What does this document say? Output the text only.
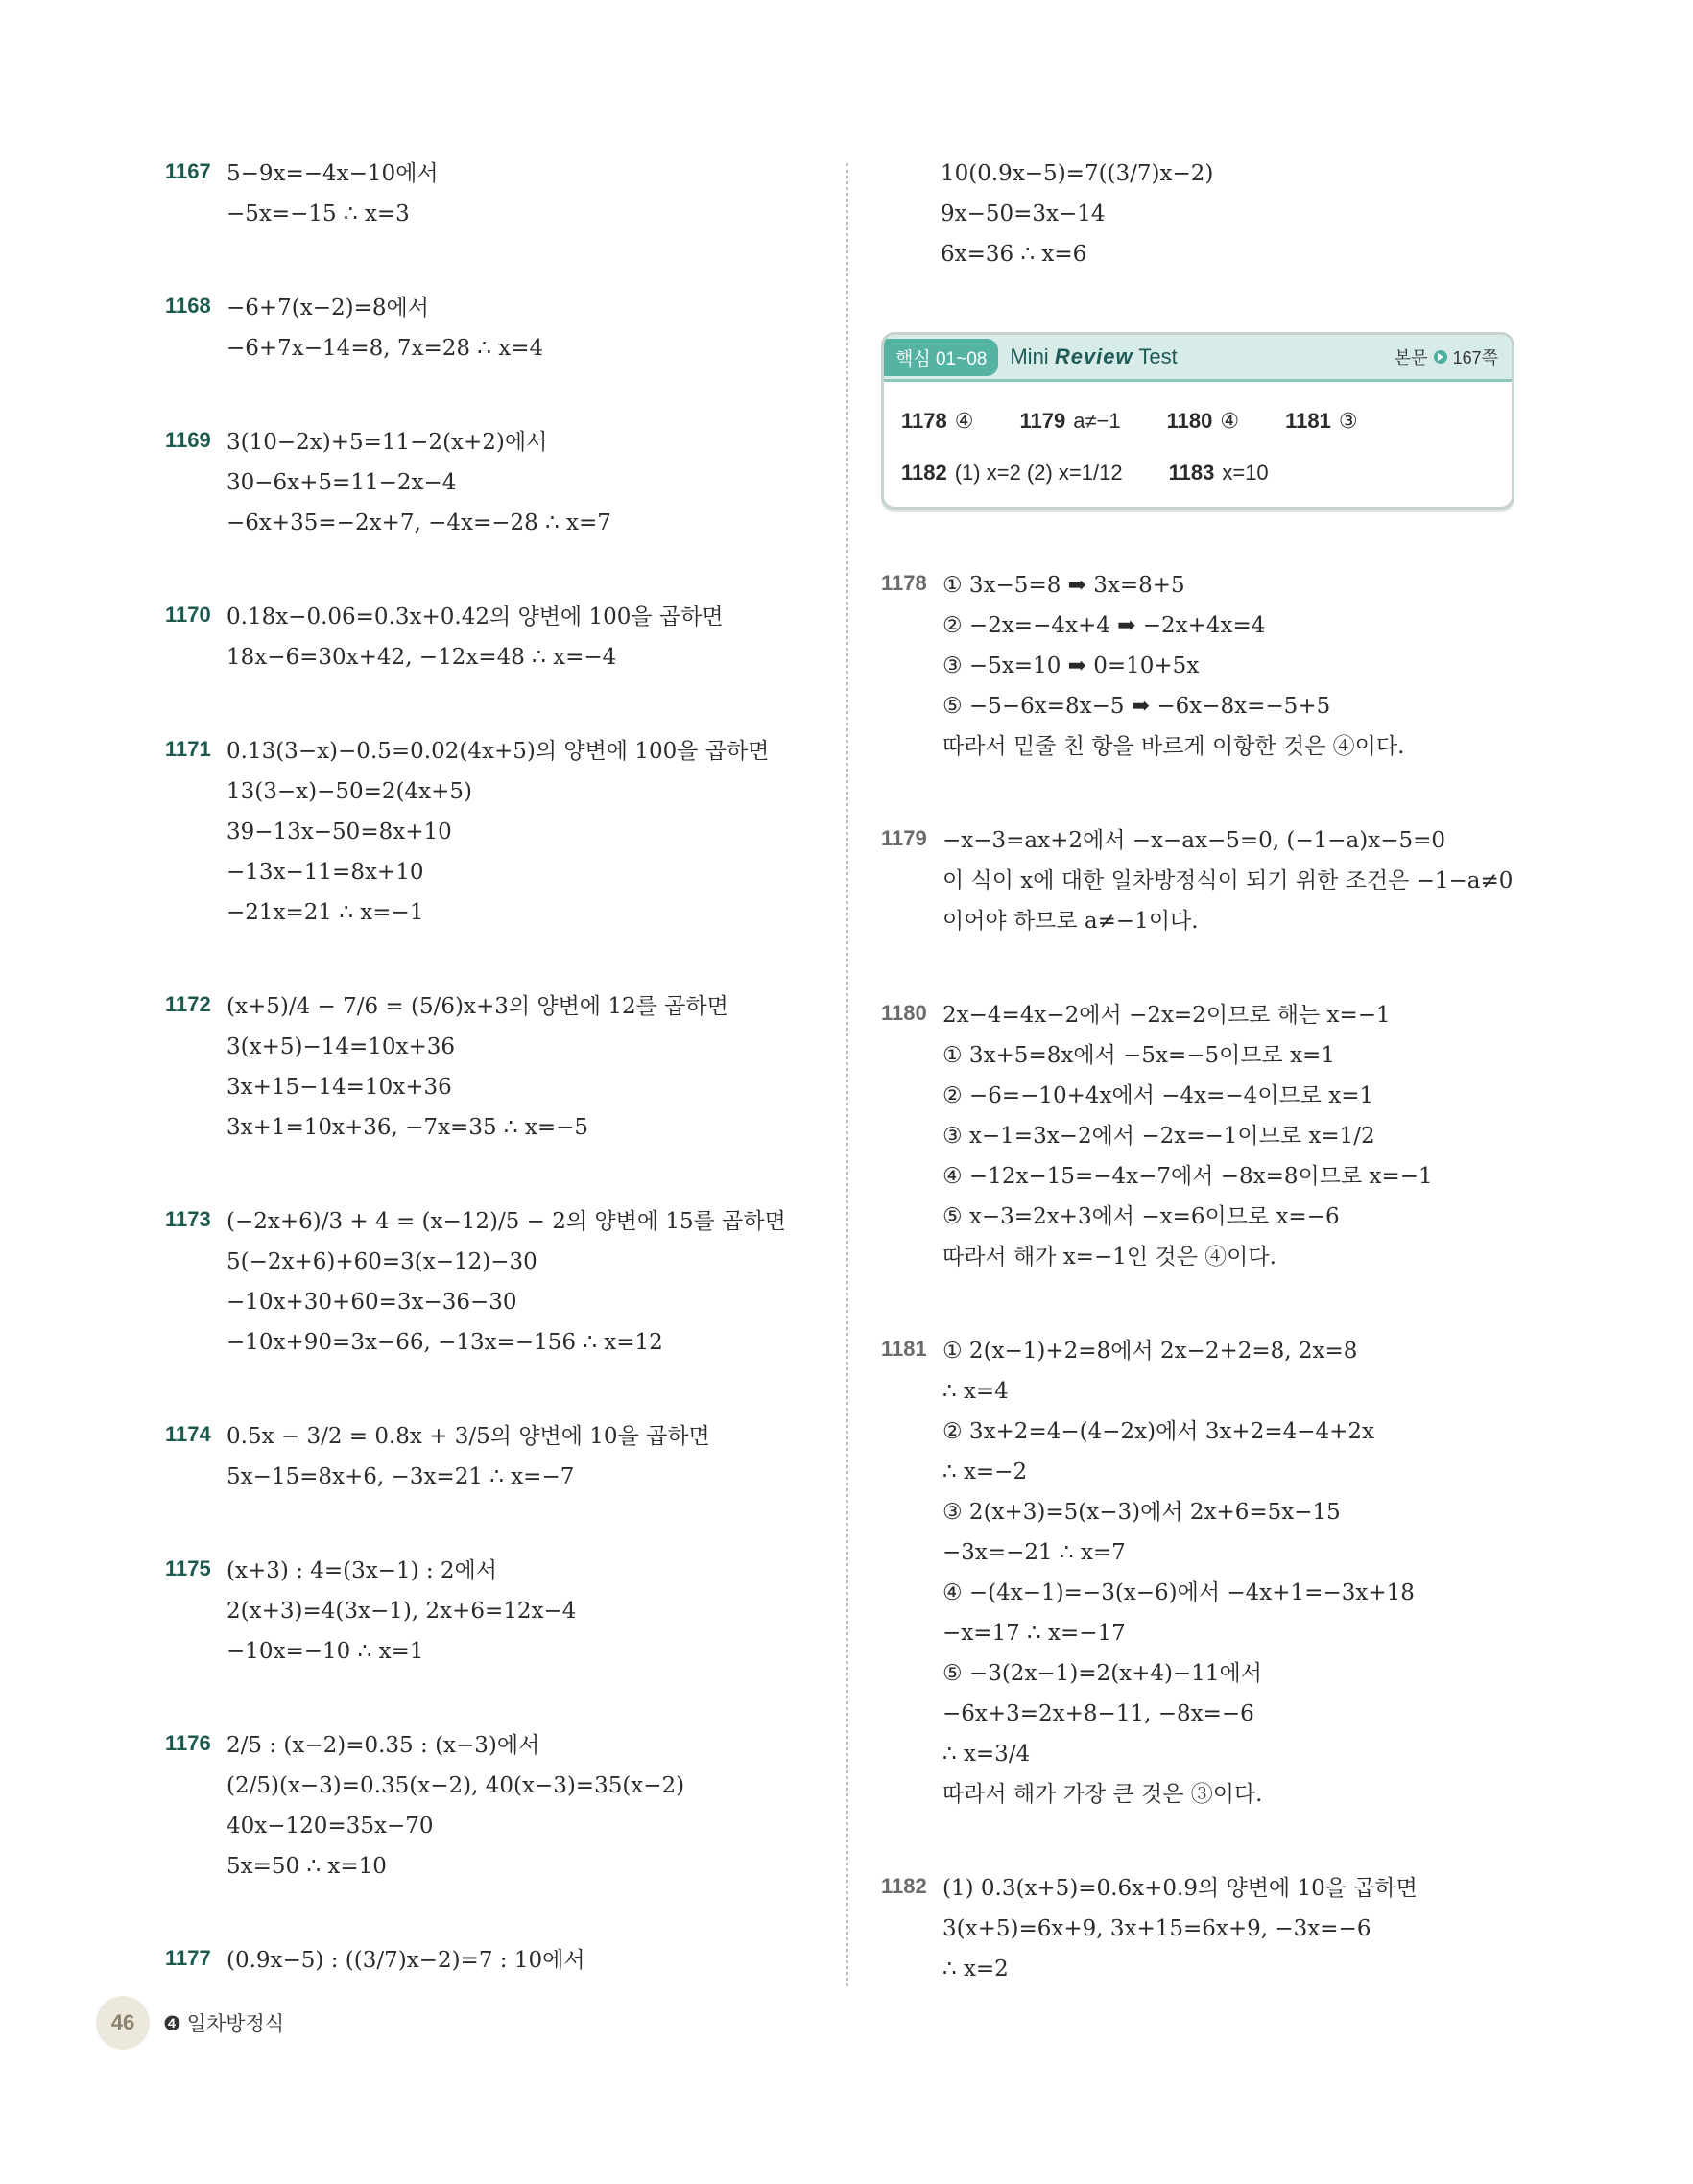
1167 5−9x=−4x−10에서
−5x=−15 ∴ x=3
1168 −6+7(x−2)=8에서
−6+7x−14=8, 7x=28 ∴ x=4
1169 3(10−2x)+5=11−2(x+2)에서
30−6x+5=11−2x−4
−6x+35=−2x+7, −4x=−28 ∴ x=7
1170 0.18x−0.06=0.3x+0.42의 양변에 100을 곱하면
18x−6=30x+42, −12x=48 ∴ x=−4
1171 0.13(3−x)−0.5=0.02(4x+5)의 양변에 100을 곱하면
13(3−x)−50=2(4x+5)
39−13x−50=8x+10
−13x−11=8x+10
−21x=21 ∴ x=−1
1172 (x+5)/4 − 7/6 = (5/6)x+3의 양변에 12를 곱하면
3(x+5)−14=10x+36
3x+15−14=10x+36
3x+1=10x+36, −7x=35 ∴ x=−5
1173 (−2x+6)/3 + 4 = (x−12)/5 − 2의 양변에 15를 곱하면
5(−2x+6)+60=3(x−12)−30
−10x+30+60=3x−36−30
−10x+90=3x−66, −13x=−156 ∴ x=12
1174 0.5x − 3/2 = 0.8x + 3/5의 양변에 10을 곱하면
5x−15=8x+6, −3x=21 ∴ x=−7
1175 (x+3) : 4=(3x−1) : 2에서
2(x+3)=4(3x−1), 2x+6=12x−4
−10x=−10 ∴ x=1
1176 2/5 : (x−2)=0.35 : (x−3)에서
(2/5)(x−3)=0.35(x−2), 40(x−3)=35(x−2)
40x−120=35x−70
5x=50 ∴ x=10
1177 (0.9x−5) : ((3/7)x−2)=7 : 10에서
10(0.9x−5)=7((3/7)x−2)
9x−50=3x−14
6x=36 ∴ x=6
핵심 01~08	Mini Review Test	본문 167쪽
1178 ④ 1179 a≠−1 1180 ④ 1181 ③
1182 (1) x=2 (2) x=1/12 1183 x=10
1178 ① 3x−5=8 ➡ 3x=8+5
② −2x=−4x+4 ➡ −2x+4x=4
③ −5x=10 ➡ 0=10+5x
⑤ −5−6x=8x−5 ➡ −6x−8x=−5+5
따라서 밑줄 친 항을 바르게 이항한 것은 ④이다.
1179 −x−3=ax+2에서 −x−ax−5=0, (−1−a)x−5=0
이 식이 x에 대한 일차방정식이 되기 위한 조건은 −1−a≠0
이어야 하므로 a≠−1이다.
1180 2x−4=4x−2에서 −2x=2이므로 해는 x=−1
① 3x+5=8x에서 −5x=−5이므로 x=1
② −6=−10+4x에서 −4x=−4이므로 x=1
③ x−1=3x−2에서 −2x=−1이므로 x=1/2
④ −12x−15=−4x−7에서 −8x=8이므로 x=−1
⑤ x−3=2x+3에서 −x=6이므로 x=−6
따라서 해가 x=−1인 것은 ④이다.
1181 ① 2(x−1)+2=8에서 2x−2+2=8, 2x=8
∴ x=4
② 3x+2=4−(4−2x)에서 3x+2=4−4+2x
∴ x=−2
③ 2(x+3)=5(x−3)에서 2x+6=5x−15
−3x=−21 ∴ x=7
④ −(4x−1)=−3(x−6)에서 −4x+1=−3x+18
−x=17 ∴ x=−17
⑤ −3(2x−1)=2(x+4)−11에서
−6x+3=2x+8−11, −8x=−6
∴ x=3/4
따라서 해가 가장 큰 것은 ③이다.
1182 (1) 0.3(x+5)=0.6x+0.9의 양변에 10을 곱하면
3(x+5)=6x+9, 3x+15=6x+9, −3x=−6
∴ x=2
46	❹ 일차방정식
